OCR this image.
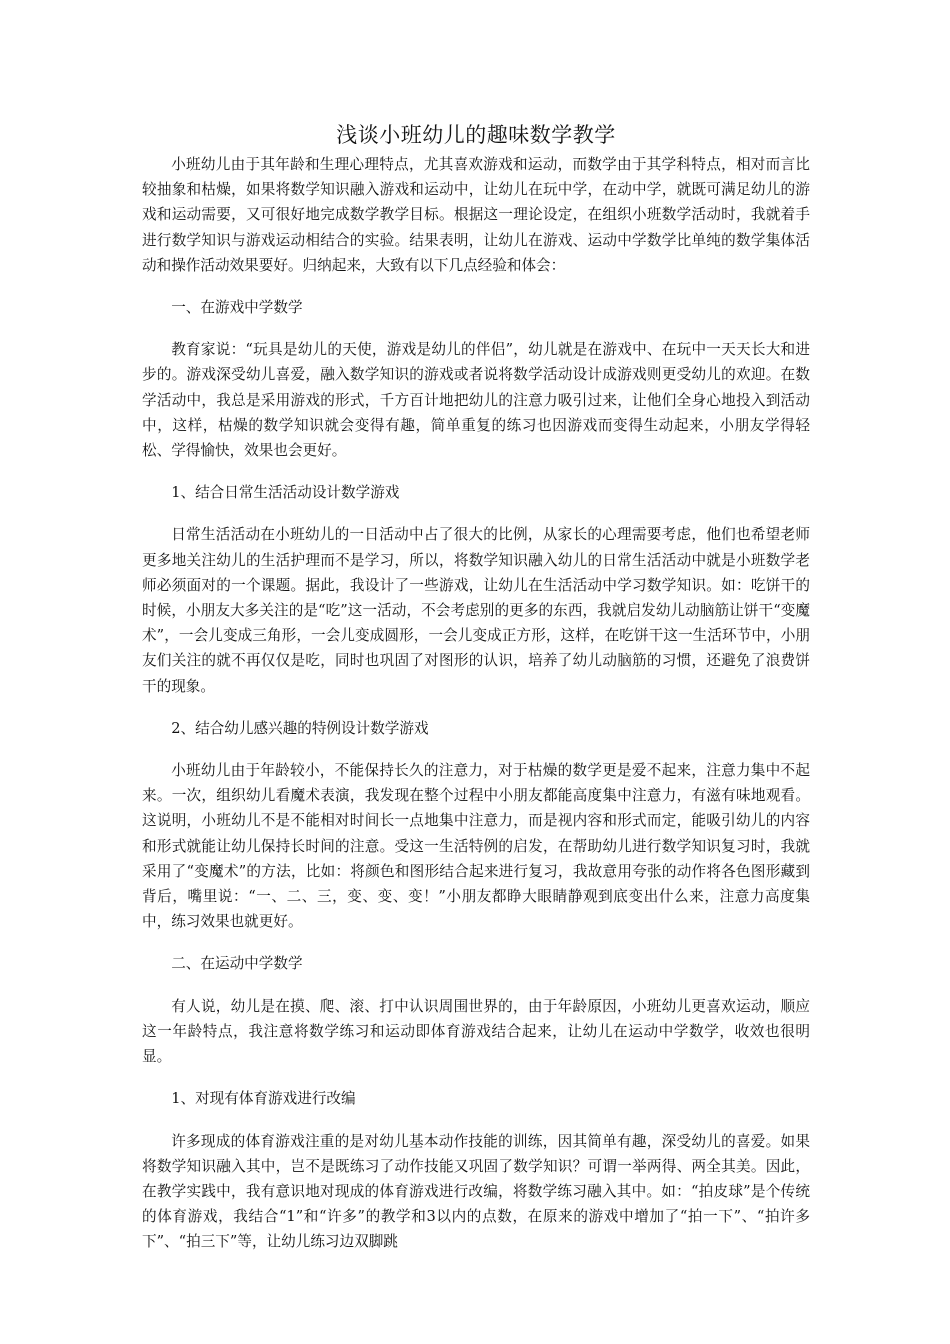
浅谈小班幼儿的趣味数学教学

小班幼儿由于其年龄和生理心理特点，尤其喜欢游戏和运动，而数学由于其学科特点，相对而言比较抽象和枯燥，如果将数学知识融入游戏和运动中，让幼儿在玩中学，在动中学，就既可满足幼儿的游戏和运动需要，又可很好地完成数学教学目标。根据这一理论设定，在组织小班数学活动时，我就着手进行数学知识与游戏运动相结合的实验。结果表明，让幼儿在游戏、运动中学数学比单纯的数学集体活动和操作活动效果要好。归纳起来，大致有以下几点经验和体会：

一、在游戏中学数学

教育家说：“玩具是幼儿的天使，游戏是幼儿的伴侣”，幼儿就是在游戏中、在玩中一天天长大和进步的。游戏深受幼儿喜爱，融入数学知识的游戏或者说将数学活动设计成游戏则更受幼儿的欢迎。在数学活动中，我总是采用游戏的形式，千方百计地把幼儿的注意力吸引过来，让他们全身心地投入到活动中，这样，枯燥的数学知识就会变得有趣，简单重复的练习也因游戏而变得生动起来，小朋友学得轻松、学得愉快，效果也会更好。

1、结合日常生活活动设计数学游戏

日常生活活动在小班幼儿的一日活动中占了很大的比例，从家长的心理需要考虑，他们也希望老师更多地关注幼儿的生活护理而不是学习，所以，将数学知识融入幼儿的日常生活活动中就是小班数学老师必须面对的一个课题。据此，我设计了一些游戏，让幼儿在生活活动中学习数学知识。如：吃饼干的时候，小朋友大多关注的是“吃”这一活动，不会考虑别的更多的东西，我就启发幼儿动脑筋让饼干“变魔术”，一会儿变成三角形，一会儿变成圆形，一会儿变成正方形，这样，在吃饼干这一生活环节中，小朋友们关注的就不再仅仅是吃，同时也巩固了对图形的认识，培养了幼儿动脑筋的习惯，还避免了浪费饼干的现象。

2、结合幼儿感兴趣的特例设计数学游戏

小班幼儿由于年龄较小，不能保持长久的注意力，对于枯燥的数学更是爱不起来，注意力集中不起来。一次，组织幼儿看魔术表演，我发现在整个过程中小朋友都能高度集中注意力，有滋有味地观看。这说明，小班幼儿不是不能相对时间长一点地集中注意力，而是视内容和形式而定，能吸引幼儿的内容和形式就能让幼儿保持长时间的注意。受这一生活特例的启发，在帮助幼儿进行数学知识复习时，我就采用了“变魔术”的方法，比如：将颜色和图形结合起来进行复习，我故意用夸张的动作将各色图形藏到背后，嘴里说：“一、二、三，变、变、变！”小朋友都睁大眼睛静观到底变出什么来，注意力高度集中，练习效果也就更好。

二、在运动中学数学

有人说，幼儿是在摸、爬、滚、打中认识周围世界的，由于年龄原因，小班幼儿更喜欢运动，顺应这一年龄特点，我注意将数学练习和运动即体育游戏结合起来，让幼儿在运动中学数学，收效也很明显。

1、对现有体育游戏进行改编

许多现成的体育游戏注重的是对幼儿基本动作技能的训练，因其简单有趣，深受幼儿的喜爱。如果将数学知识融入其中，岂不是既练习了动作技能又巩固了数学知识？可谓一举两得、两全其美。因此，在教学实践中，我有意识地对现成的体育游戏进行改编，将数学练习融入其中。如：“拍皮球”是个传统的体育游戏，我结合“1”和“许多”的教学和3以内的点数，在原来的游戏中增加了“拍一下”、“拍许多下”、“拍三下”等，让幼儿练习边双脚跳
